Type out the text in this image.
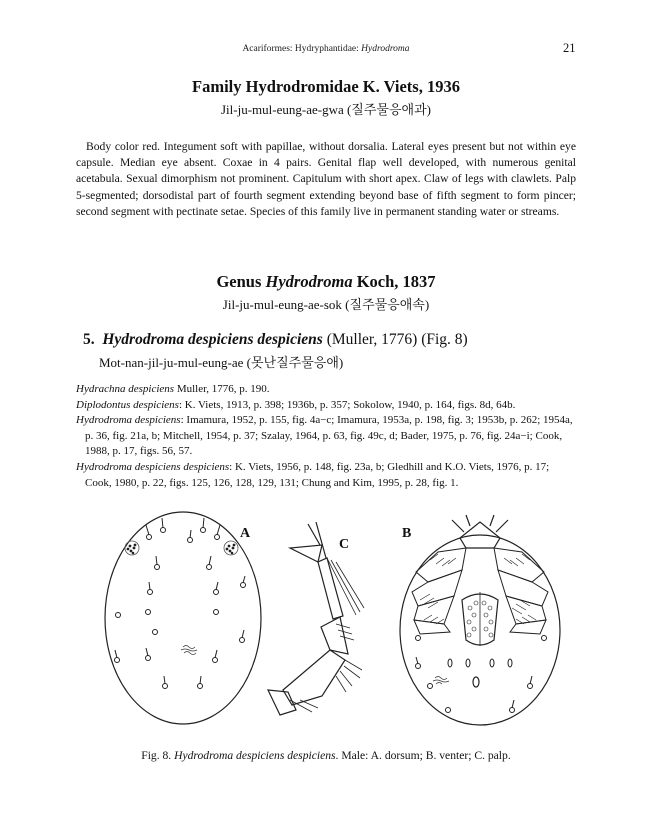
Acariformes: Hydryphantidae: Hydrodroma	21
Family Hydrodromidae K. Viets, 1936
Jil-ju-mul-eung-ae-gwa (질주물응애과)

Body color red. Integument soft with papillae, without dorsalia. Lateral eyes present but not within eye capsule. Median eye absent. Coxae in 4 pairs. Genital flap well developed, with numerous genital acetabula. Sexual dimorphism not prominent. Capitulum with short apex. Claw of legs with clawlets. Palp 5-segmented; dorsodistal part of fourth segment extending beyond base of fifth segment to form pincer; second segment with pectinate setae. Species of this family live in permanent standing water or streams.

Genus Hydrodroma Koch, 1837
Jil-ju-mul-eung-ae-sok (질주물응애속)
5. Hydrodroma despiciens despiciens (Muller, 1776) (Fig. 8)
Mot-nan-jil-ju-mul-eung-ae (못난질주물응애)
Hydrachna despiciens Muller, 1776, p. 190.
Diplodontus despiciens: K. Viets, 1913, p. 398; 1936b, p. 357; Sokolow, 1940, p. 164, figs. 8d, 64b.
Hydrodroma despiciens: Imamura, 1952, p. 155, fig. 4a−c; Imamura, 1953a, p. 198, fig. 3; 1953b, p. 262; 1954a, p. 36, fig. 21a, b; Mitchell, 1954, p. 37; Szalay, 1964, p. 63, fig. 49c, d; Bader, 1975, p. 76, fig. 24a−i; Cook, 1988, p. 17, figs. 56, 57.
Hydrodroma despiciens despiciens: K. Viets, 1956, p. 148, fig. 23a, b; Gledhill and K.O. Viets, 1976, p. 17; Cook, 1980, p. 22, figs. 125, 126, 128, 129, 131; Chung and Kim, 1995, p. 28, fig. 1.
A
C
B
Fig. 8. Hydrodroma despiciens despiciens. Male: A. dorsum; B. venter; C. palp.
